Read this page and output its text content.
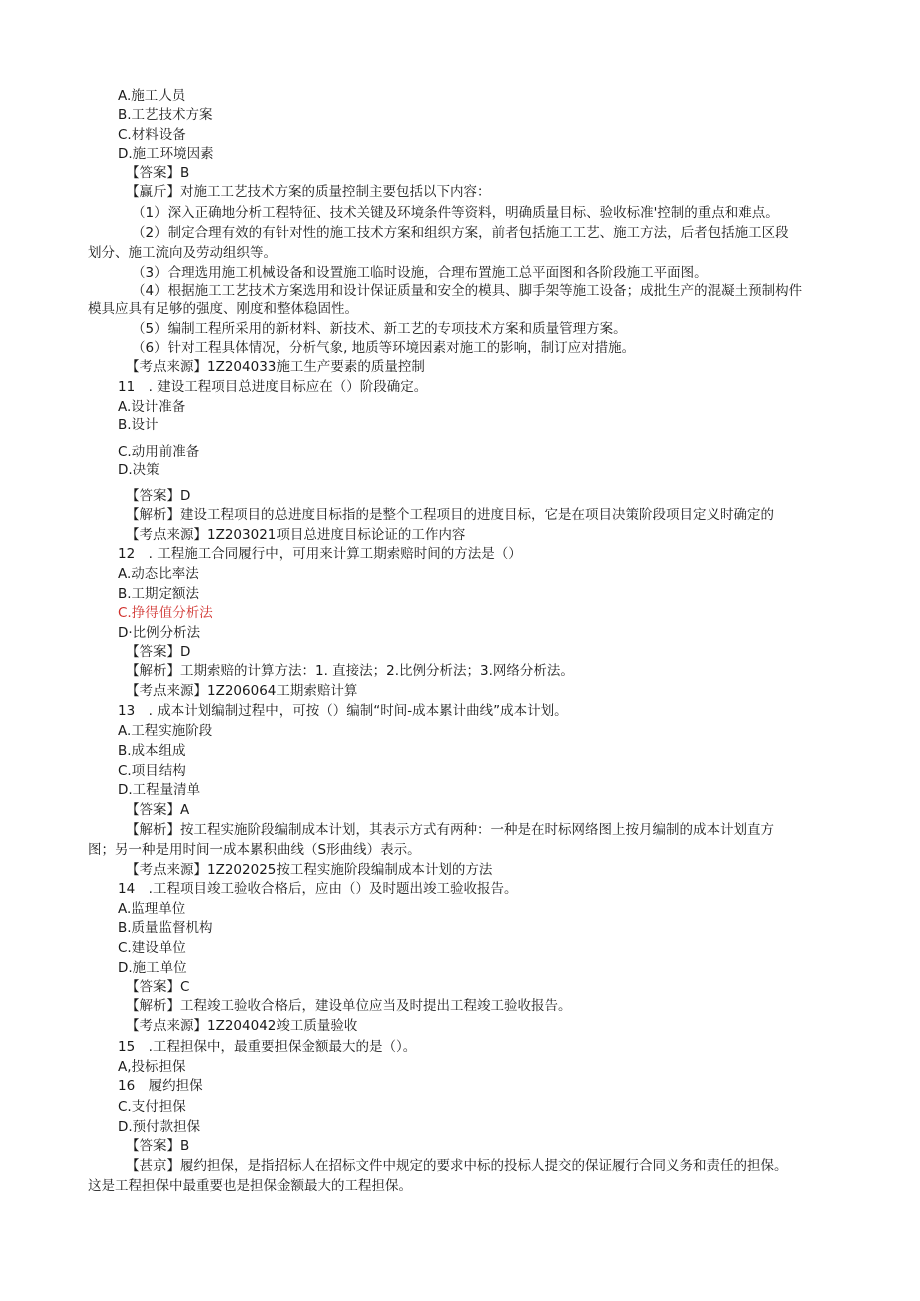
A.施工人员
B.工艺技术方案
C.材料设备
D.施工环境因素
【答案】B
【赢斤】对施工工艺技术方案的质量控制主要包括以下内容：
（1）深入正确地分析工程特征、技术关键及环境条件等资料，明确质量目标、验收标准'控制的重点和难点。
（2）制定合理有效的有针对性的施工技术方案和组织方案，前者包括施工工艺、施工方法，后者包括施工区段
划分、施工流向及劳动组织等。
（3）合理选用施工机械设备和设置施工临时设施，合理布置施工总平面图和各阶段施工平面图。
（4）根据施工工艺技术方案选用和设计保证质量和安全的模具、脚手架等施工设备；成批生产的混凝土预制构件
模具应具有足够的强度、刚度和整体稳固性。
（5）编制工程所采用的新材料、新技术、新工艺的专项技术方案和质量管理方案。
（6）针对工程具体情况，分析气象, 地质等环境因素对施工的影响，制订应对措施。
【考点来源】1Z204033施工生产要素的质量控制
11　. 建设工程项目总进度目标应在（）阶段确定。
A.设计准备
B.设计
C.动用前准备
D.决策
【答案】D
【解析】建设工程项目的总进度目标指的是整个工程项目的进度目标，它是在项目决策阶段项目定义时确定的
【考点来源】1Z203021项目总进度目标论证的工作内容
12　. 工程施工合同履行中，可用来计算工期索赔时间的方法是（）
A.动态比率法
B.工期定额法
C.挣得值分析法
D·比例分析法
【答案】D
【解析】工期索赔的计算方法：1. 直接法；2.比例分析法；3.网络分析法。
【考点来源】1Z206064工期索赔计算
13　. 成本计划编制过程中，可按（）编制“时间-成本累计曲线”成本计划。
A.工程实施阶段
B.成本组成
C.项目结构
D.工程量清单
【答案】A
【解析】按工程实施阶段编制成本计划，其表示方式有两种：一种是在时标网络图上按月编制的成本计划直方
图；另一种是用时间一成本累积曲线（S形曲线）表示。
【考点来源】1Z202025按工程实施阶段编制成本计划的方法
14　.工程项目竣工验收合格后，应由（）及时题出竣工验收报告。
A.监理单位
B.质量监督机构
C.建设单位
D.施工单位
【答案】C
【解析】工程竣工验收合格后，建设单位应当及时提出工程竣工验收报告。
【考点来源】1Z204042竣工质量验收
15　.工程担保中，最重要担保金额最大的是（）。
A,投标担保
16　履约担保
C.支付担保
D.预付款担保
【答案】B
【甚京】履约担保，是指招标人在招标文件中规定的要求中标的投标人提交的保证履行合同义务和责任的担保。
这是工程担保中最重要也是担保金额最大的工程担保。
